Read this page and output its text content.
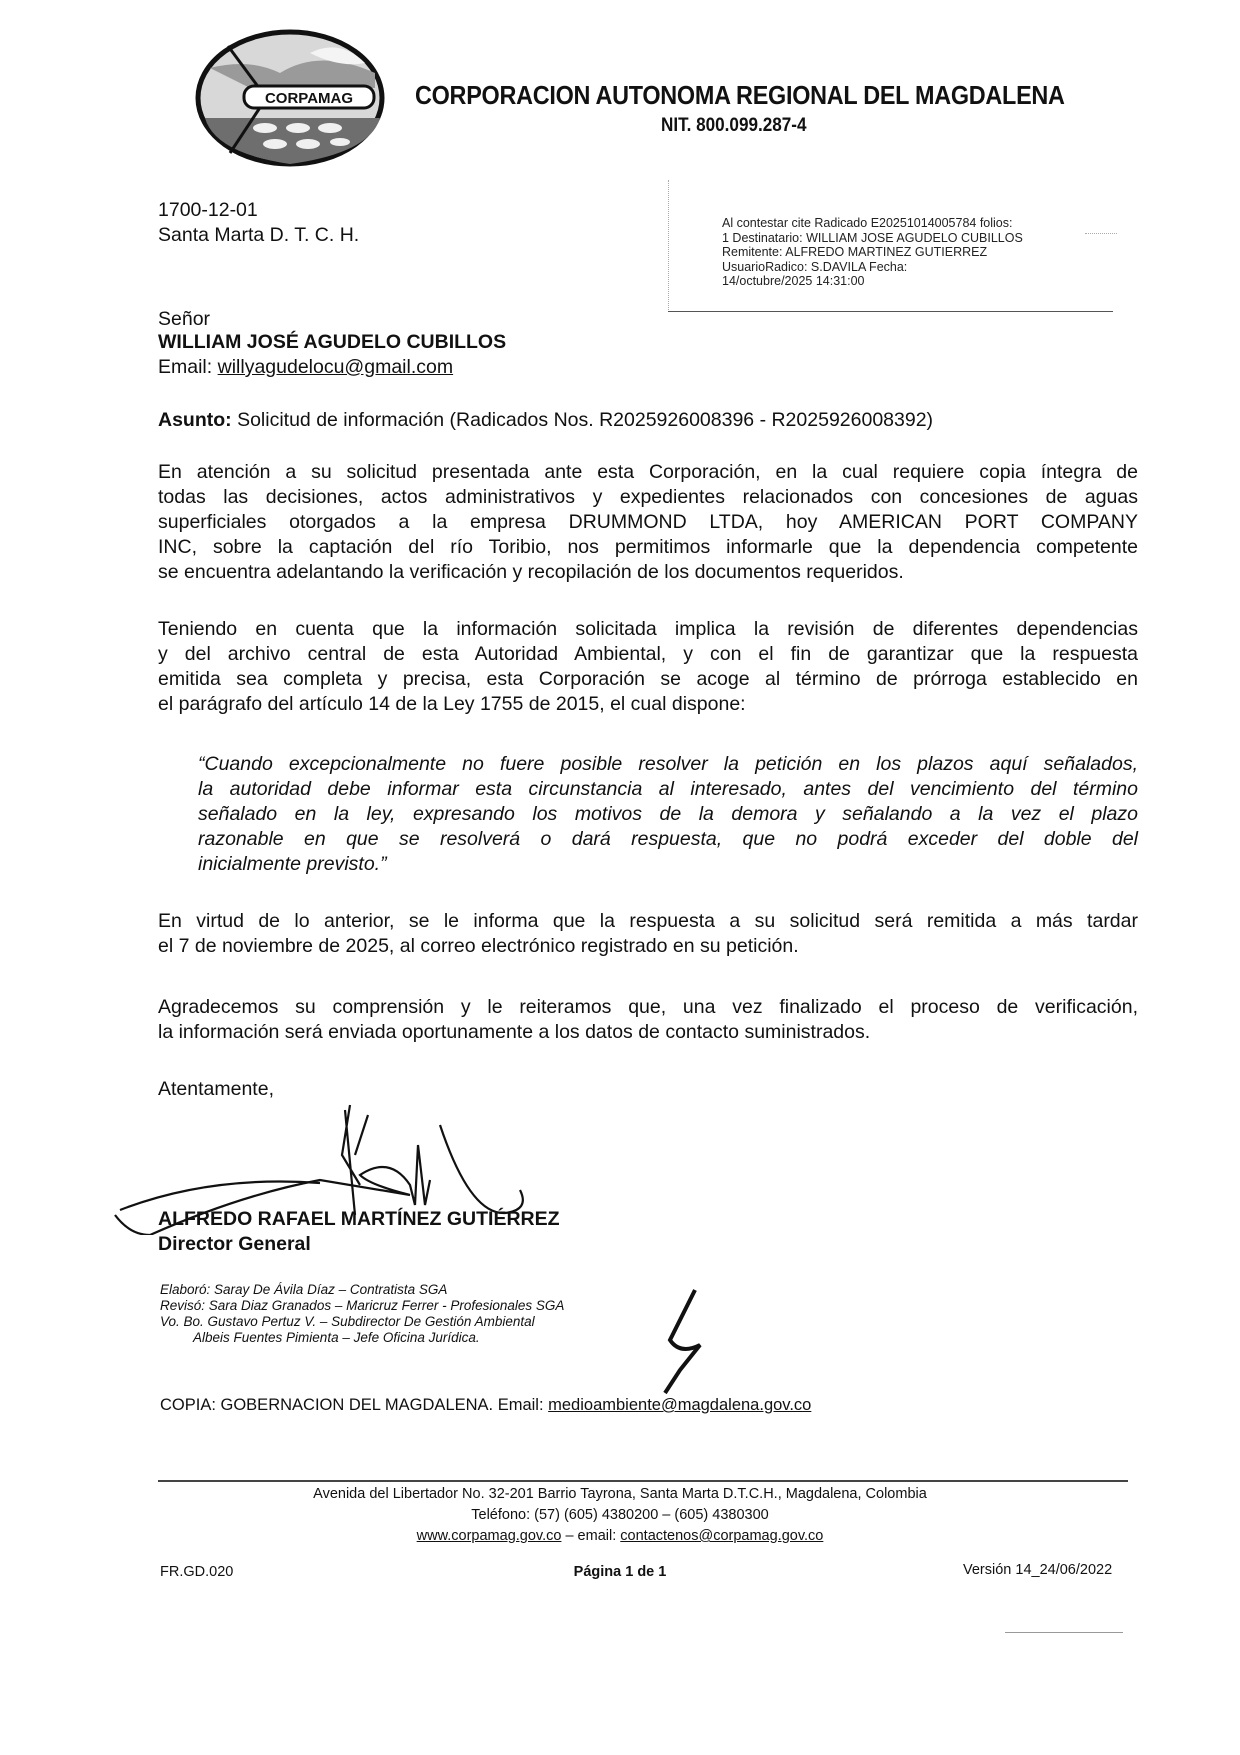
CORPAMAG CORPORACION AUTONOMA REGIONAL DEL MAGDALENA
NIT. 800.099.287-4
1700-12-01
Santa Marta D. T. C. H.
Al contestar cite Radicado E20251014005784 folios:
1 Destinatario: WILLIAM JOSE AGUDELO CUBILLOS
Remitente: ALFREDO MARTINEZ GUTIERREZ
UsuarioRadico: S.DAVILA Fecha:
14/octubre/2025 14:31:00
Señor
WILLIAM JOSÉ AGUDELO CUBILLOS
Email: willyagudelocu@gmail.com
Asunto: Solicitud de información (Radicados Nos. R2025926008396 - R2025926008392)
En atención a su solicitud presentada ante esta Corporación, en la cual requiere copia íntegra de
todas las decisiones, actos administrativos y expedientes relacionados con concesiones de aguas
superficiales otorgados a la empresa DRUMMOND LTDA, hoy AMERICAN PORT COMPANY
INC, sobre la captación del río Toribio, nos permitimos informarle que la dependencia competente
se encuentra adelantando la verificación y recopilación de los documentos requeridos.
Teniendo en cuenta que la información solicitada implica la revisión de diferentes dependencias
y del archivo central de esta Autoridad Ambiental, y con el fin de garantizar que la respuesta
emitida sea completa y precisa, esta Corporación se acoge al término de prórroga establecido en
el parágrafo del artículo 14 de la Ley 1755 de 2015, el cual dispone:
“Cuando excepcionalmente no fuere posible resolver la petición en los plazos aquí señalados,
la autoridad debe informar esta circunstancia al interesado, antes del vencimiento del término
señalado en la ley, expresando los motivos de la demora y señalando a la vez el plazo
razonable en que se resolverá o dará respuesta, que no podrá exceder del doble del
inicialmente previsto.”
En virtud de lo anterior, se le informa que la respuesta a su solicitud será remitida a más tardar
el 7 de noviembre de 2025, al correo electrónico registrado en su petición.
Agradecemos su comprensión y le reiteramos que, una vez finalizado el proceso de verificación,
la información será enviada oportunamente a los datos de contacto suministrados.
Atentamente,
ALFREDO RAFAEL MARTÍNEZ GUTIÉRREZ
Director General
Elaboró: Saray De Ávila Díaz – Contratista SGA
Revisó: Sara Diaz Granados – Maricruz Ferrer - Profesionales SGA
Vo. Bo. Gustavo Pertuz V. – Subdirector De Gestión Ambiental
Albeis Fuentes Pimienta – Jefe Oficina Jurídica.
COPIA: GOBERNACION DEL MAGDALENA. Email: medioambiente@magdalena.gov.co
Avenida del Libertador No. 32-201 Barrio Tayrona, Santa Marta D.T.C.H., Magdalena, Colombia
Teléfono: (57) (605) 4380200 – (605) 4380300
www.corpamag.gov.co – email: contactenos@corpamag.gov.co
FR.GD.020	Página 1 de 1	Versión 14_24/06/2022
